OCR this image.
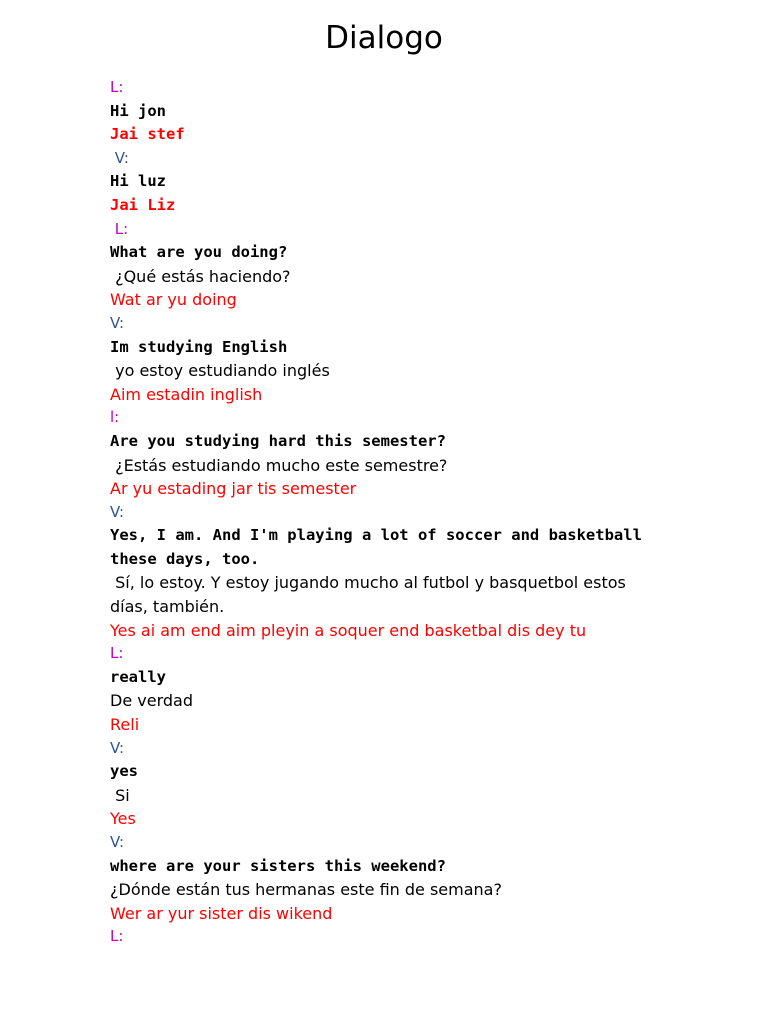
Dialogo

L:

Hi jon

Jai stef

V:

Hi luz

Jai Liz

L:

What are you doing?

¿Qué estás haciendo?

Wat ar yu doing

V:

Im studying English

yo estoy estudiando inglés

Aim estadin inglish

l:

Are you studying hard this semester?

¿Estás estudiando mucho este semestre?

Ar yu estading jar tis semester

V:

Yes, I am. And I'm playing a lot of soccer and basketball

these days, too.

Sí, lo estoy. Y estoy jugando mucho al futbol y basquetbol estos

días, también.

Yes ai am end aim pleyin a soquer end basketbal dis dey tu

L:

really

De verdad

Reli

V:

yes

Si

Yes

V:

where are your sisters this weekend?

¿Dónde están tus hermanas este fin de semana?

Wer ar yur sister dis wikend

L:
